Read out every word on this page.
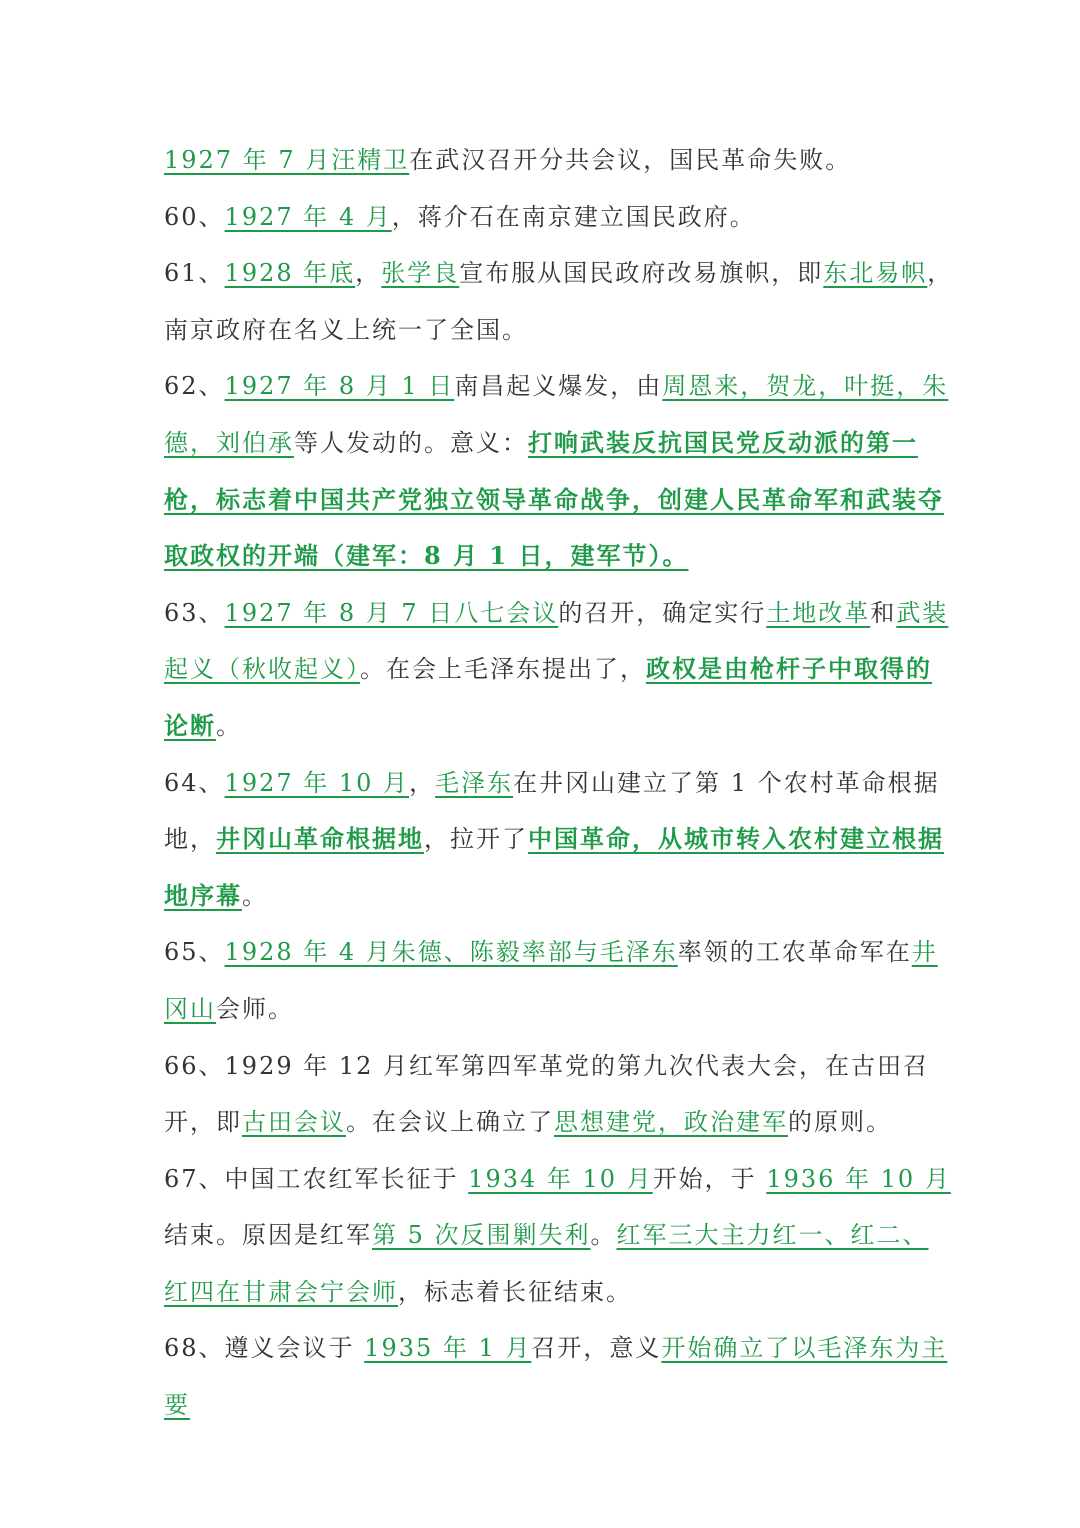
1927 年 7 月汪精卫在武汉召开分共会议，国民革命失败。

60、1927 年 4 月，蒋介石在南京建立国民政府。

61、1928 年底，张学良宣布服从国民政府改易旗帜，即东北易帜，南京政府在名义上统一了全国。

62、1927 年 8 月 1 日南昌起义爆发，由周恩来，贺龙，叶挺，朱德，刘伯承等人发动的。意义：打响武装反抗国民党反动派的第一枪，标志着中国共产党独立领导革命战争，创建人民革命军和武装夺取政权的开端（建军：8 月 1 日，建军节）。

63、1927 年 8 月 7 日八七会议的召开，确定实行土地改革和武装起义（秋收起义）。在会上毛泽东提出了，政权是由枪杆子中取得的论断。

64、1927 年 10 月，毛泽东在井冈山建立了第 1 个农村革命根据地，井冈山革命根据地，拉开了中国革命，从城市转入农村建立根据地序幕。

65、1928 年 4 月朱德、陈毅率部与毛泽东率领的工农革命军在井冈山会师。

66、1929 年 12 月红军第四军革党的第九次代表大会，在古田召开，即古田会议。在会议上确立了思想建党，政治建军的原则。

67、中国工农红军长征于 1934 年 10 月开始，于 1936 年 10 月结束。原因是红军第 5 次反围剿失利。红军三大主力红一、红二、红四在甘肃会宁会师，标志着长征结束。

68、遵义会议于 1935 年 1 月召开，意义开始确立了以毛泽东为主要
